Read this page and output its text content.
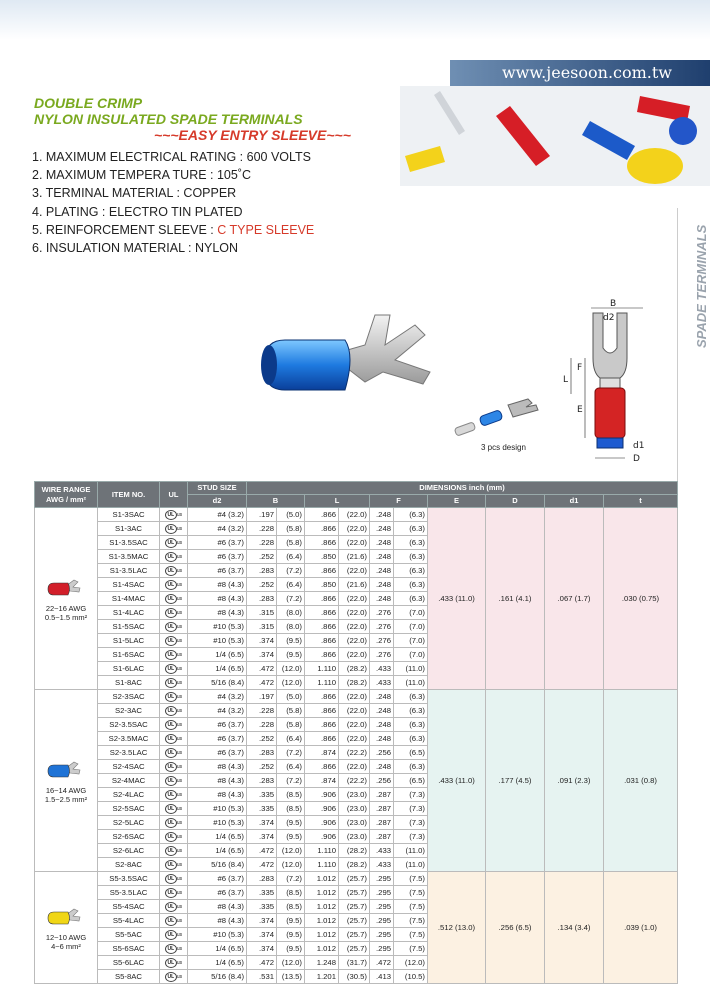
www.jeesoon.com.tw
DOUBLE CRIMP
NYLON INSULATED SPADE TERMINALS
~~~EASY ENTRY SLEEVE~~~
1. MAXIMUM ELECTRICAL RATING : 600 VOLTS
2. MAXIMUM TEMPERA TURE : 105˚C
3. TERMINAL MATERIAL : COPPER
4. PLATING : ELECTRO TIN PLATED
5. REINFORCEMENT SLEEVE : C TYPE SLEEVE
6. INSULATION MATERIAL : NYLON	SPADE TERMINALS
3 pcs design
B
d2
F
L
E
d1
D
WIRE RANGE AWG / mm²	ITEM NO.	UL	STUD SIZE	DIMENSIONS inch (mm)									
			d2	B		L		F		E	D	d1	t

22~16 AWG
0.5~1.5 mm²	S1-3SAC	UL us	#4 (3.2)	.197	(5.0)	.866	(22.0)	.248	(6.3)	.433 (11.0)	.161 (4.1)	.067 (1.7)	.030 (0.75)
	S1-3AC	UL us	#4 (3.2)	.228	(5.8)	.866	(22.0)	.248	(6.3)				
	S1-3.5SAC	UL us	#6 (3.7)	.228	(5.8)	.866	(22.0)	.248	(6.3)				
	S1-3.5MAC	UL us	#6 (3.7)	.252	(6.4)	.850	(21.6)	.248	(6.3)				
	S1-3.5LAC	UL us	#6 (3.7)	.283	(7.2)	.866	(22.0)	.248	(6.3)				
	S1-4SAC	UL us	#8 (4.3)	.252	(6.4)	.850	(21.6)	.248	(6.3)				
	S1-4MAC	UL us	#8 (4.3)	.283	(7.2)	.866	(22.0)	.248	(6.3)				
	S1-4LAC	UL us	#8 (4.3)	.315	(8.0)	.866	(22.0)	.276	(7.0)				
	S1-5SAC	UL us	#10 (5.3)	.315	(8.0)	.866	(22.0)	.276	(7.0)				
	S1-5LAC	UL us	#10 (5.3)	.374	(9.5)	.866	(22.0)	.276	(7.0)				
	S1-6SAC	UL us	1/4 (6.5)	.374	(9.5)	.866	(22.0)	.276	(7.0)				
	S1-6LAC	UL us	1/4 (6.5)	.472	(12.0)	1.110	(28.2)	.433	(11.0)				
	S1-8AC	UL us	5/16 (8.4)	.472	(12.0)	1.110	(28.2)	.433	(11.0)				

16~14 AWG
1.5~2.5 mm²	S2-3SAC	UL us	#4 (3.2)	.197	(5.0)	.866	(22.0)	.248	(6.3)	.433 (11.0)	.177 (4.5)	.091 (2.3)	.031 (0.8)
	S2-3AC	UL us	#4 (3.2)	.228	(5.8)	.866	(22.0)	.248	(6.3)				
	S2-3.5SAC	UL us	#6 (3.7)	.228	(5.8)	.866	(22.0)	.248	(6.3)				
	S2-3.5MAC	UL us	#6 (3.7)	.252	(6.4)	.866	(22.0)	.248	(6.3)				
	S2-3.5LAC	UL us	#6 (3.7)	.283	(7.2)	.874	(22.2)	.256	(6.5)				
	S2-4SAC	UL us	#8 (4.3)	.252	(6.4)	.866	(22.0)	.248	(6.3)				
	S2-4MAC	UL us	#8 (4.3)	.283	(7.2)	.874	(22.2)	.256	(6.5)				
	S2-4LAC	UL us	#8 (4.3)	.335	(8.5)	.906	(23.0)	.287	(7.3)				
	S2-5SAC	UL us	#10 (5.3)	.335	(8.5)	.906	(23.0)	.287	(7.3)				
	S2-5LAC	UL us	#10 (5.3)	.374	(9.5)	.906	(23.0)	.287	(7.3)				
	S2-6SAC	UL us	1/4 (6.5)	.374	(9.5)	.906	(23.0)	.287	(7.3)				
	S2-6LAC	UL us	1/4 (6.5)	.472	(12.0)	1.110	(28.2)	.433	(11.0)				
	S2-8AC	UL us	5/16 (8.4)	.472	(12.0)	1.110	(28.2)	.433	(11.0)				

12~10 AWG
4~6 mm²	S5-3.5SAC	UL us	#6 (3.7)	.283	(7.2)	1.012	(25.7)	.295	(7.5)	.512 (13.0)	.256 (6.5)	.134 (3.4)	.039 (1.0)
	S5-3.5LAC	UL us	#6 (3.7)	.335	(8.5)	1.012	(25.7)	.295	(7.5)				
	S5-4SAC	UL us	#8 (4.3)	.335	(8.5)	1.012	(25.7)	.295	(7.5)				
	S5-4LAC	UL us	#8 (4.3)	.374	(9.5)	1.012	(25.7)	.295	(7.5)				
	S5-5AC	UL us	#10 (5.3)	.374	(9.5)	1.012	(25.7)	.295	(7.5)				
	S5-6SAC	UL us	1/4 (6.5)	.374	(9.5)	1.012	(25.7)	.295	(7.5)				
	S5-6LAC	UL us	1/4 (6.5)	.472	(12.0)	1.248	(31.7)	.472	(12.0)				
	S5-8AC	UL us	5/16 (8.4)	.531	(13.5)	1.201	(30.5)	.413	(10.5)				
